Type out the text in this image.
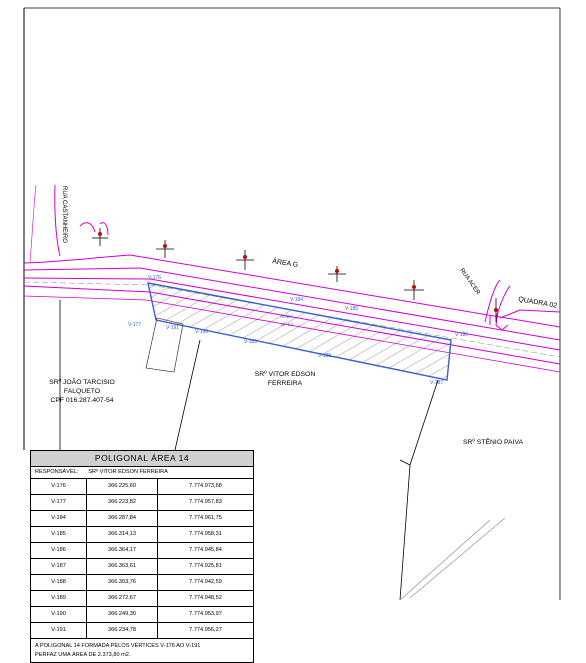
ÁREA G
RUA CASTANHEIRO
RUA ACER
QUADRA 02
ÁREA
Nº 14
V-176
V-177
V-184
V-185
V-186
V-187
V-188
V-189
V-190
V-191
SRº JOÃO TARCISIO
FALQUETO
CPF 016.287.407-54
SRº VITOR EDSON
FERREIRA
SRº STÊNIO PAIVA
POLIGONAL ÁREA 14
RESPONSÁVEL: SRº VITOR EDSON FERREIRA
V-176	366.225,60	7.774.973,68
V-177	366.223,82	7.774.957,83
V-184	366.287,84	7.774.961,75
V-185	366.314,13	7.774.958,31
V-186	366.364,17	7.774.945,84
V-187	366.363,61	7.774.925,81
V-188	366.303,76	7.774.942,59
V-189	366.272,67	7.774.948,52
V-190	366.249,30	7.774.953,97
V-191	366.234,78	7.774.956,27
A POLIGONAL 14 FORMADA PELOS VÉRTICES V-176 AO V-191
PERFAZ UMA ÁREA DE 2.373,80 m2.
